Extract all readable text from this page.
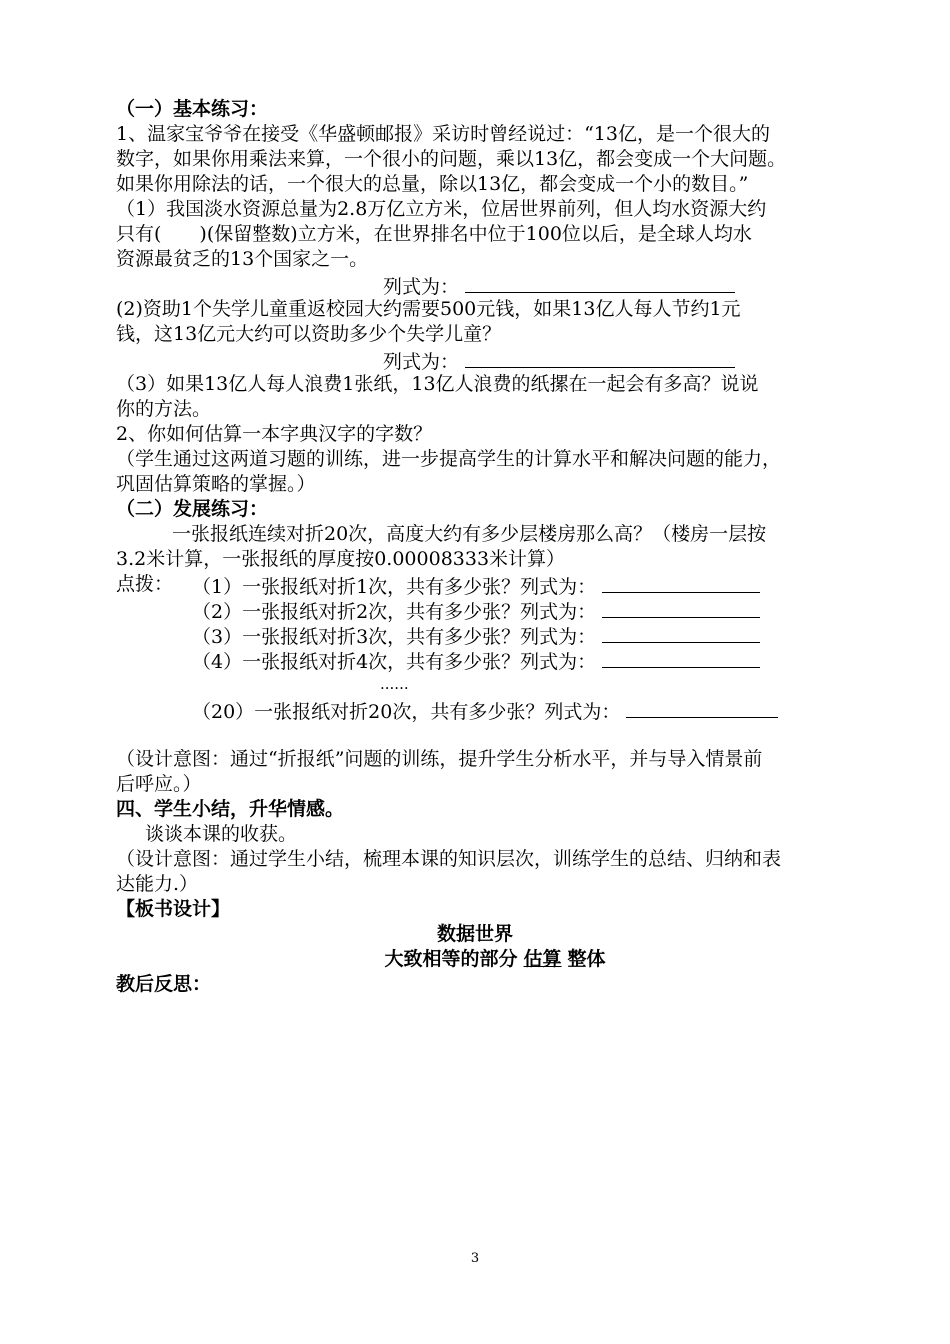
（一）基本练习：
1、温家宝爷爷在接受《华盛顿邮报》采访时曾经说过：“13亿，是一个很大的
数字，如果你用乘法来算，一个很小的问题，乘以13亿，都会变成一个大问题。
如果你用除法的话，一个很大的总量，除以13亿，都会变成一个小的数目。”
（1）我国淡水资源总量为2.8万亿立方米，位居世界前列，但人均水资源大约
只有(　　)(保留整数)立方米，在世界排名中位于100位以后，是全球人均水
资源最贫乏的13个国家之一。
列式为：
(2)资助1个失学儿童重返校园大约需要500元钱，如果13亿人每人节约1元
钱，这13亿元大约可以资助多少个失学儿童？
列式为：
（3）如果13亿人每人浪费1张纸，13亿人浪费的纸摞在一起会有多高？说说
你的方法。
2、你如何估算一本字典汉字的字数？
（学生通过这两道习题的训练，进一步提高学生的计算水平和解决问题的能力，
巩固估算策略的掌握。）
（二）发展练习：
一张报纸连续对折20次，高度大约有多少层楼房那么高？（楼房一层按
3.2米计算，一张报纸的厚度按0.00008333米计算）
点拨： （1）一张报纸对折1次，共有多少张？列式为：
（2）一张报纸对折2次，共有多少张？列式为：
（3）一张报纸对折3次，共有多少张？列式为：
（4）一张报纸对折4次，共有多少张？列式为：
......
（20）一张报纸对折20次，共有多少张？列式为：
（设计意图：通过“折报纸”问题的训练，提升学生分析水平，并与导入情景前
后呼应。）
四、学生小结，升华情感。
谈谈本课的收获。
（设计意图：通过学生小结，梳理本课的知识层次，训练学生的总结、归纳和表
达能力.）
【板书设计】
数据世界
大致相等的部分 估算 整体
教后反思：
3
